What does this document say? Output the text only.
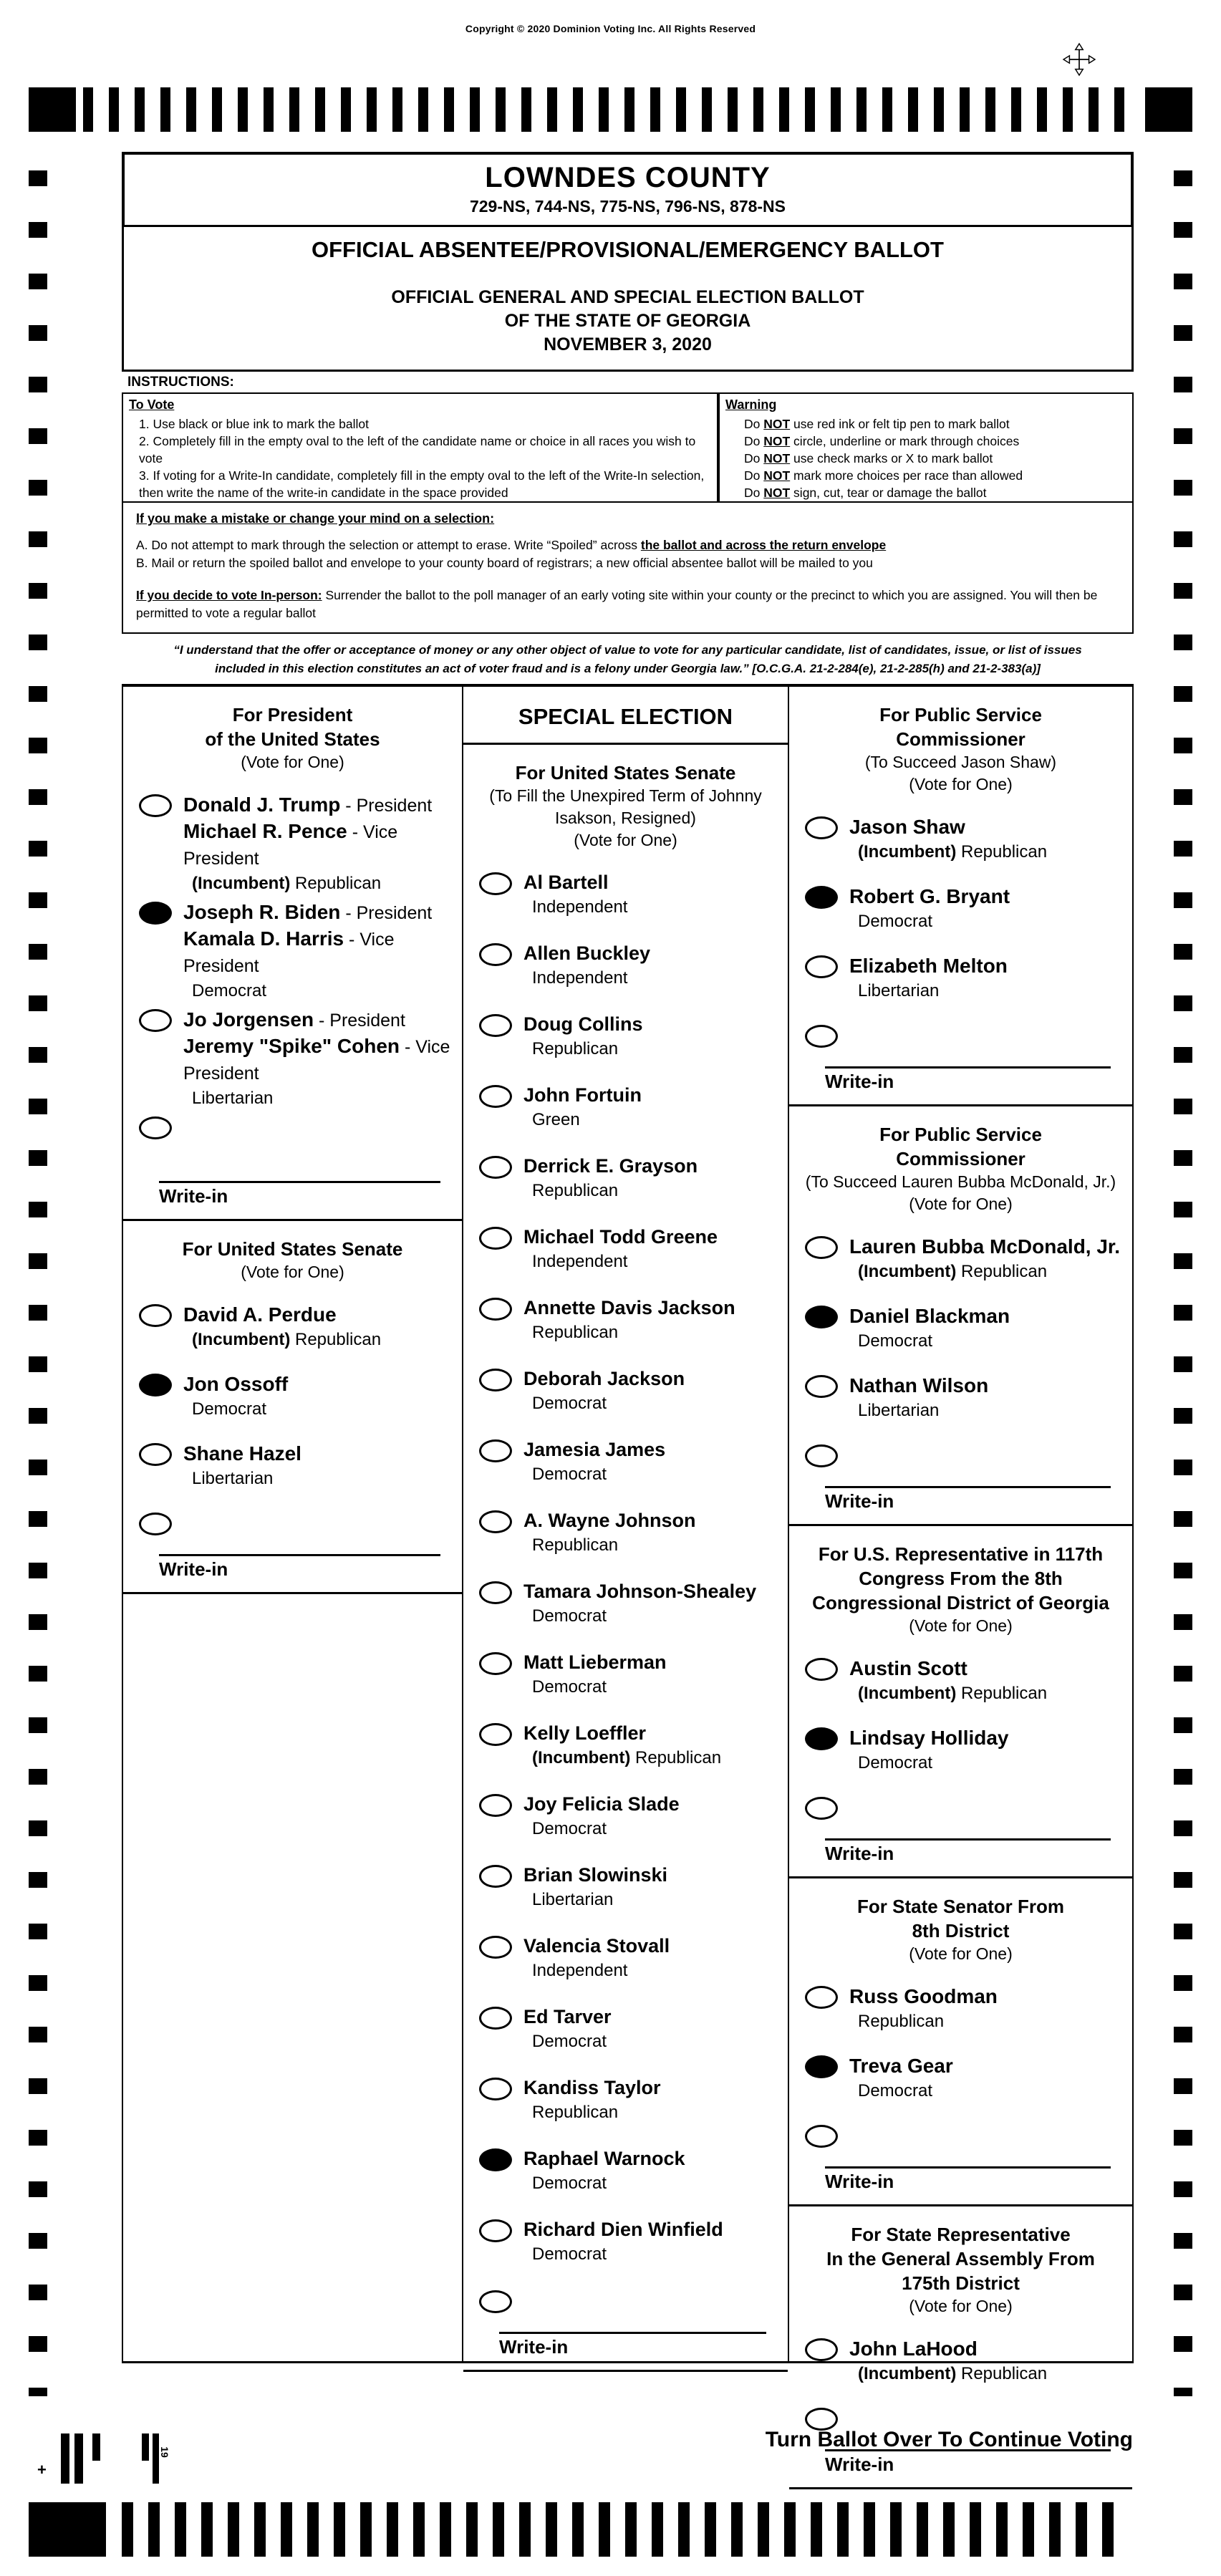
Copyright © 2020 Dominion Voting Inc. All Rights Reserved
LOWNDES COUNTY
729-NS, 744-NS, 775-NS, 796-NS, 878-NS
OFFICIAL ABSENTEE/PROVISIONAL/EMERGENCY BALLOT
OFFICIAL GENERAL AND SPECIAL ELECTION BALLOT
OF THE STATE OF GEORGIA
NOVEMBER 3, 2020
INSTRUCTIONS:
To Vote
1. Use black or blue ink to mark the ballot
2. Completely fill in the empty oval to the left of the candidate name or choice in all races you wish to vote
3. If voting for a Write-In candidate, completely fill in the empty oval to the left of the Write-In selection, then write the name of the write-in candidate in the space provided
Warning
Do NOT use red ink or felt tip pen to mark ballot
Do NOT circle, underline or mark through choices
Do NOT use check marks or X to mark ballot
Do NOT mark more choices per race than allowed
Do NOT sign, cut, tear or damage the ballot
If you make a mistake or change your mind on a selection:

A. Do not attempt to mark through the selection or attempt to erase. Write “Spoiled” across the ballot and across the return envelope

B. Mail or return the spoiled ballot and envelope to your county board of registrars; a new official absentee ballot will be mailed to you

If you decide to vote In-person: Surrender the ballot to the poll manager of an early voting site within your county or the precinct to which you are assigned. You will then be permitted to vote a regular ballot

“I understand that the offer or acceptance of money or any other object of value to vote for any particular candidate, list of candidates, issue, or list of issues included in this election constitutes an act of voter fraud and is a felony under Georgia law.” [O.C.G.A. 21-2-284(e), 21-2-285(h) and 21-2-383(a)]
For President
of the United States
(Vote for One)
Donald J. Trump - President
Michael R. Pence - Vice President
(Incumbent) Republican
Joseph R. Biden - President
Kamala D. Harris - Vice President
Democrat
Jo Jorgensen - President
Jeremy "Spike" Cohen - Vice President
Libertarian
Write-in
For United States Senate
(Vote for One)
David A. Perdue
(Incumbent) Republican
Jon Ossoff
Democrat
Shane Hazel
Libertarian
Write-in
SPECIAL ELECTION
For United States Senate
(To Fill the Unexpired Term of Johnny
Isakson, Resigned)
(Vote for One)
Al Bartell
Independent
Allen Buckley
Independent
Doug Collins
Republican
John Fortuin
Green
Derrick E. Grayson
Republican
Michael Todd Greene
Independent
Annette Davis Jackson
Republican
Deborah Jackson
Democrat
Jamesia James
Democrat
A. Wayne Johnson
Republican
Tamara Johnson-Shealey
Democrat
Matt Lieberman
Democrat
Kelly Loeffler
(Incumbent) Republican
Joy Felicia Slade
Democrat
Brian Slowinski
Libertarian
Valencia Stovall
Independent
Ed Tarver
Democrat
Kandiss Taylor
Republican
Raphael Warnock
Democrat
Richard Dien Winfield
Democrat
Write-in
For Public Service
Commissioner
(To Succeed Jason Shaw)
(Vote for One)
Jason Shaw
(Incumbent) Republican
Robert G. Bryant
Democrat
Elizabeth Melton
Libertarian
Write-in
For Public Service
Commissioner
(To Succeed Lauren Bubba McDonald, Jr.)
(Vote for One)
Lauren Bubba McDonald, Jr.
(Incumbent) Republican
Daniel Blackman
Democrat
Nathan Wilson
Libertarian
Write-in
For U.S. Representative in 117th
Congress From the 8th
Congressional District of Georgia
(Vote for One)
Austin Scott
(Incumbent) Republican
Lindsay Holliday
Democrat
Write-in
For State Senator From
8th District
(Vote for One)
Russ Goodman
Republican
Treva Gear
Democrat
Write-in
For State Representative
In the General Assembly From
175th District
(Vote for One)
John LaHood
(Incumbent) Republican
Write-in
+
19
Turn Ballot Over To Continue Voting
